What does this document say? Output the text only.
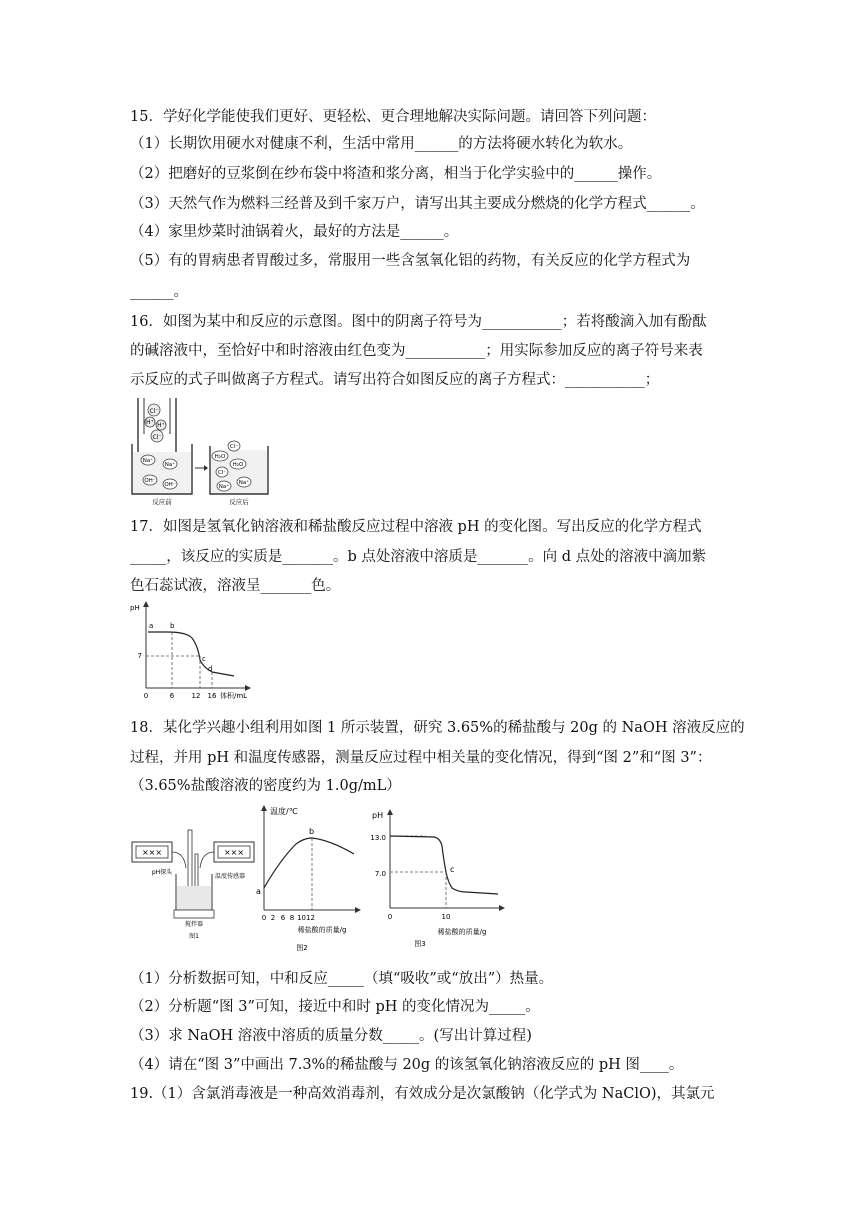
15．学好化学能使我们更好、更轻松、更合理地解决实际问题。请回答下列问题：
（1）长期饮用硬水对健康不利，生活中常用______的方法将硬水转化为软水。
（2）把磨好的豆浆倒在纱布袋中将渣和浆分离，相当于化学实验中的______操作。
（3）天然气作为燃料三经普及到千家万户，请写出其主要成分燃烧的化学方程式______。
（4）家里炒菜时油锅着火，最好的方法是______。
（5）有的胃病患者胃酸过多，常服用一些含氢氧化铝的药物，有关反应的化学方程式为
______。
16．如图为某中和反应的示意图。图中的阴离子符号为___________；若将酸滴入加有酚酞
的碱溶液中，至恰好中和时溶液由红色变为___________；用实际参加反应的离子符号来表
示反应的式子叫做离子方程式。请写出符合如图反应的离子方程式：___________；
Cl⁻
H⁺ H⁺
Cl⁻
Na⁺
Na⁺
OH⁻
OH⁻
Cl⁻
H₂O
H₂O
Cl⁻
Na⁺
Na⁺
反应前	反应后
17．如图是氢氧化钠溶液和稀盐酸反应过程中溶液 pH 的变化图。写出反应的化学方程式
_____，该反应的实质是_______。b 点处溶液中溶质是_______。向 d 点处的溶液中滴加紫
色石蕊试液，溶液呈_______色。
pH
7
a b
c
d
0	6 12 16 体积/mL
18．某化学兴趣小组利用如图 1 所示装置，研究 3.65%的稀盐酸与 20g 的 NaOH 溶液反应的
过程，并用 pH 和温度传感器，测量反应过程中相关量的变化情况，得到“图 2”和“图 3”：
（3.65%盐酸溶液的密度约为 1.0g/mL）
×××	×××
pH探头
温度传感器
搅拌器
图1
温度/℃
a
b
0 2 6 8 1012
稀盐酸的质量/g
图2
pH
13.0
7.0	c
0	10
稀盐酸的质量/g
图3
（1）分析数据可知，中和反应_____（填“吸收”或“放出”）热量。
（2）分析题“图 3”可知，接近中和时 pH 的变化情况为_____。
（3）求 NaOH 溶液中溶质的质量分数_____。(写出计算过程)
（4）请在“图 3”中画出 7.3%的稀盐酸与 20g 的该氢氧化钠溶液反应的 pH 图____。
19.（1）含氯消毒液是一种高效消毒剂，有效成分是次氯酸钠（化学式为 NaClO)，其氯元
